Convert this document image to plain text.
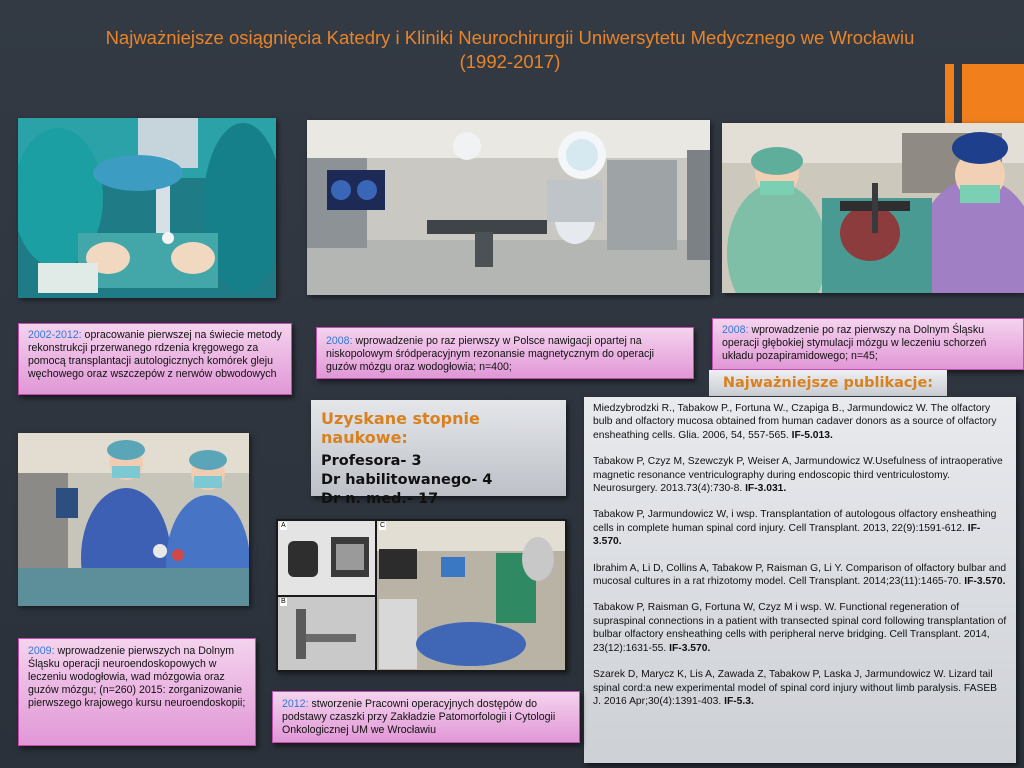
Najważniejsze osiągnięcia Katedry i Kliniki Neurochirurgii Uniwersytetu Medycznego we Wrocławiu
(1992-2017)
2002-2012: opracowanie pierwszej na świecie metody rekonstrukcji przerwanego rdzenia kręgowego za pomocą transplantacji autologicznych komórek gleju węchowego oraz wszczepów z nerwów obwodowych
2008: wprowadzenie po raz pierwszy w Polsce nawigacji opartej na niskopolowym śródperacyjnym rezonansie magnetycznym do operacji guzów mózgu oraz wodogłowia; n=400;
2008: wprowadzenie po raz pierwszy na Dolnym Śląsku operacji głębokiej stymulacji mózgu w leczeniu schorzeń układu pozapiramidowego; n=45;
Uzyskane stopnie naukowe:
Profesora- 3
Dr habilitowanego- 4
Dr n. med.- 17
Najważniejsze publikacje:
Miedzybrodzki R., Tabakow P., Fortuna W., Czapiga B., Jarmundowicz W. The olfactory bulb and olfactory mucosa obtained from human cadaver donors as a source of olfactory ensheathing cells. Glia. 2006, 54, 557-565. IF-5.013.
Tabakow P, Czyz M, Szewczyk P, Weiser A, Jarmundowicz W.Usefulness of intraoperative magnetic resonance ventriculography during endoscopic third ventriculostomy. Neurosurgery. 2013.73(4):730-8. IF-3.031.
Tabakow P, Jarmundowicz W, i wsp. Transplantation of autologous olfactory ensheathing cells in complete human spinal cord injury. Cell Transplant. 2013, 22(9):1591-612. IF-3.570.
Ibrahim A, Li D, Collins A, Tabakow P, Raisman G, Li Y. Comparison of olfactory bulbar and mucosal cultures in a rat rhizotomy model. Cell Transplant. 2014;23(11):1465-70. IF-3.570.
Tabakow P, Raisman G, Fortuna W, Czyz M i wsp. W. Functional regeneration of supraspinal connections in a patient with transected spinal cord following transplantation of bulbar olfactory ensheathing cells with peripheral nerve bridging. Cell Transplant. 2014, 23(12):1631-55. IF-3.570.
Szarek D, Marycz K, Lis A, Zawada Z, Tabakow P, Laska J, Jarmundowicz W. Lizard tail spinal cord:a new experimental model of spinal cord injury without limb paralysis. FASEB J. 2016 Apr;30(4):1391-403. IF-5.3.
A
B
C
2009: wprowadzenie pierwszych na Dolnym Śląsku operacji neuroendoskopowych w leczeniu wodogłowia, wad mózgowia oraz guzów mózgu; (n=260) 2015: zorganizowanie pierwszego krajowego kursu neuroendoskopii;	2012: stworzenie Pracowni operacyjnych dostępów do podstawy czaszki przy Zakładzie Patomorfologii i Cytologii Onkologicznej UM we Wrocławiu
